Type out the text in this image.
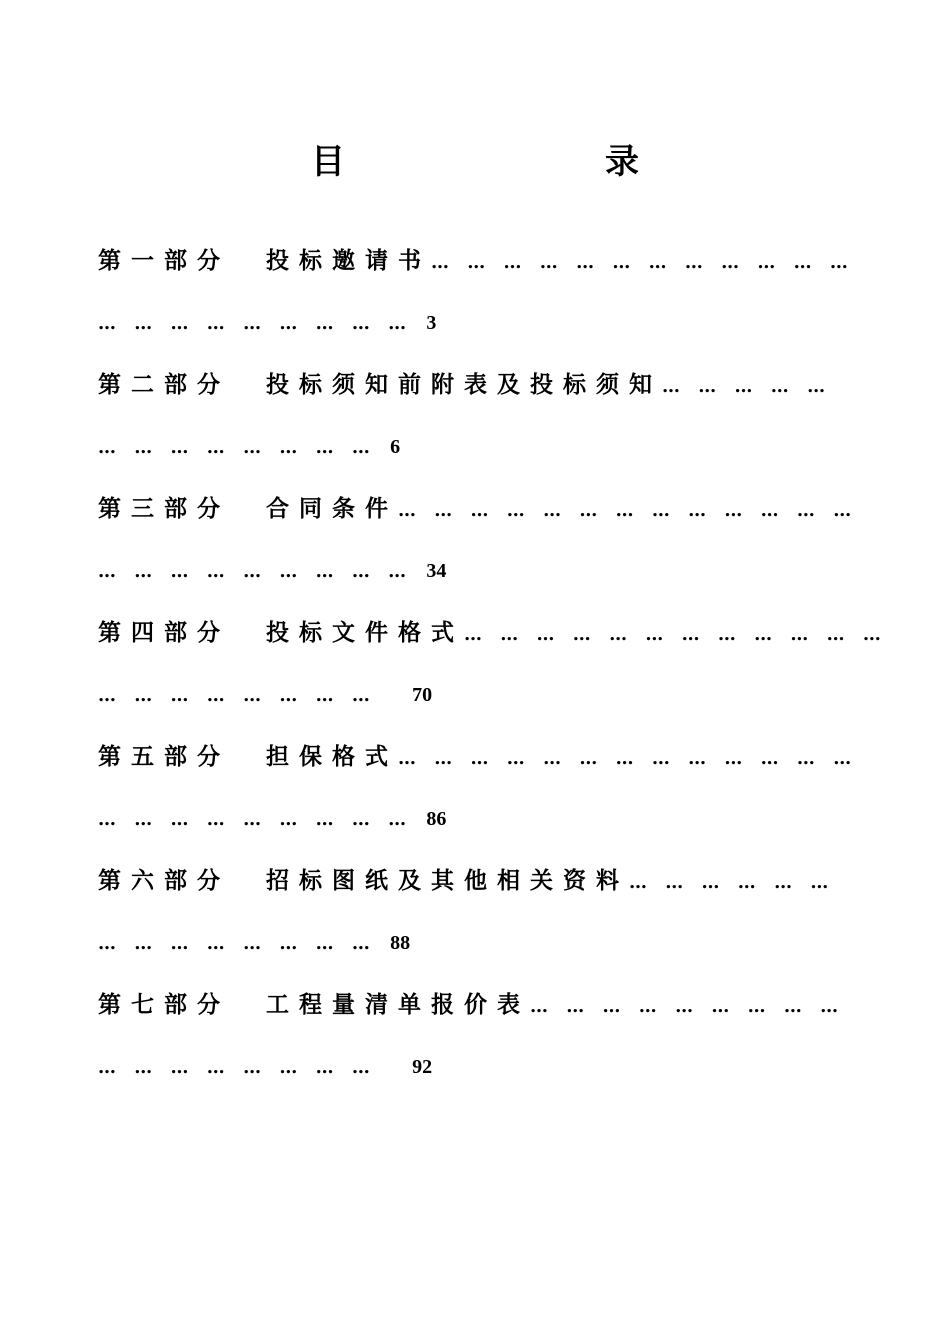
目　　录
第一部分 投标邀请书… … … … … … … … … … … …
… … … … … … … … … 3
第二部分 投标须知前附表及投标须知… … … … …
… … … … … … … … 6
第三部分 合同条件… … … … … … … … … … … … …
… … … … … … … … … 34
第四部分 投标文件格式… … … … … … … … … … … …
… … … … … … … … 70
第五部分 担保格式… … … … … … … … … … … … …
… … … … … … … … … 86
第六部分 招标图纸及其他相关资料… … … … … …
… … … … … … … … 88
第七部分 工程量清单报价表… … … … … … … … …
… … … … … … … … 92
